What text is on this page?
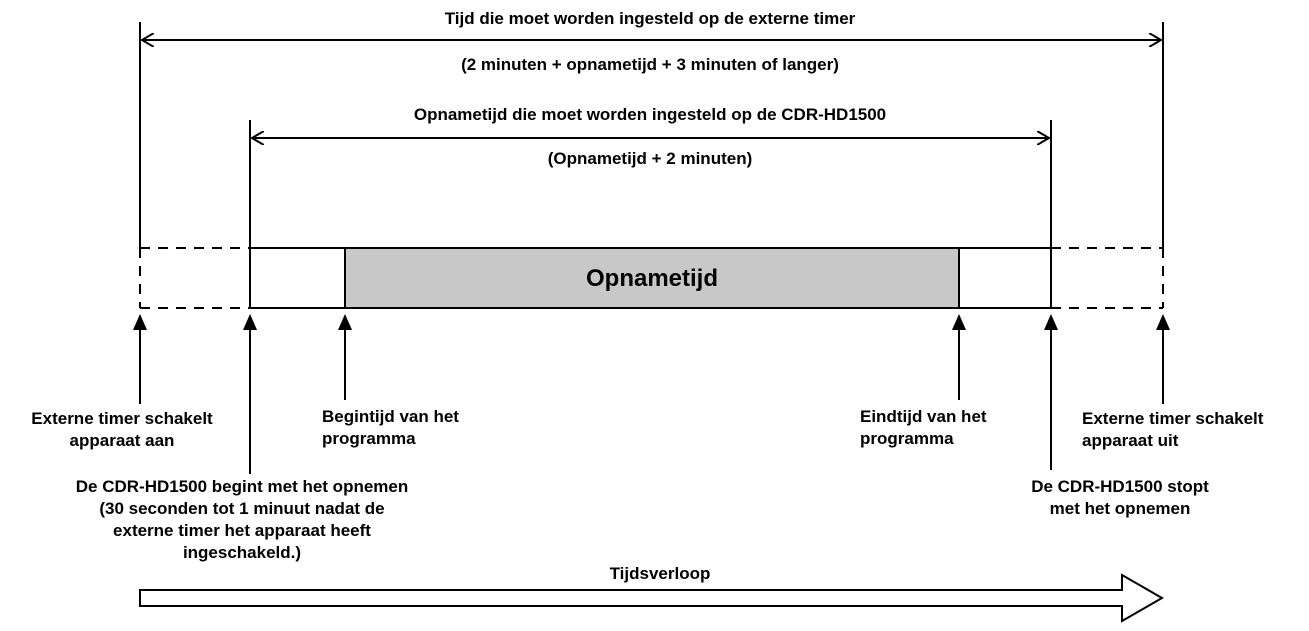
Tijd die moet worden ingesteld op de externe timer
(2 minuten + opnametijd + 3 minuten of langer)
Opnametijd die moet worden ingesteld op de CDR-HD1500
(Opnametijd + 2 minuten)
Opnametijd
Externe timer schakelt
apparaat aan
Begintijd van het
programma
Eindtijd van het
programma
Externe timer schakelt
apparaat uit
De CDR-HD1500 begint met het opnemen
(30 seconden tot 1 minuut nadat de
externe timer het apparaat heeft
ingeschakeld.)
De CDR-HD1500 stopt
met het opnemen
Tijdsverloop
